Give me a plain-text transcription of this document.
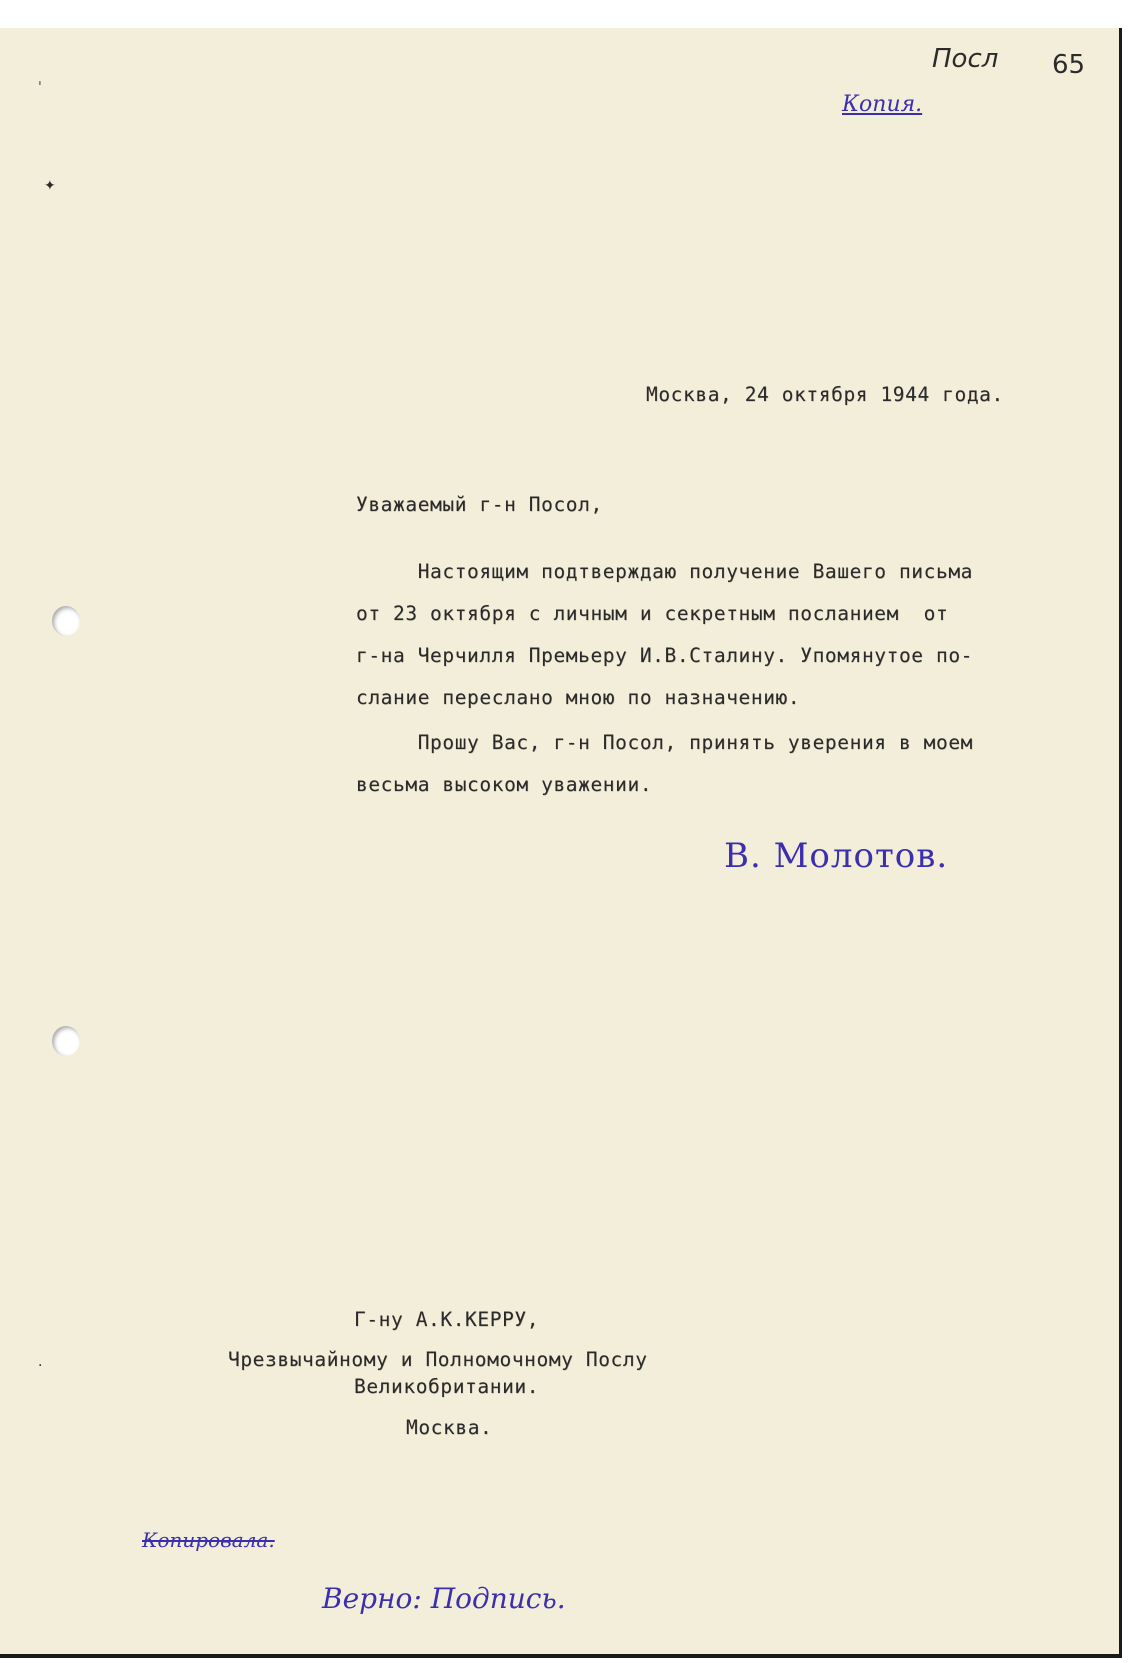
ˈ
✦
·
Копия.
Посл 65
Москва, 24 октября 1944 года.
Уважаемый г-н Посол,
Настоящим подтверждаю получение Вашего письма
от 23 октября с личным и секретным посланием  от
г-на Черчилля Премьеру И.В.Сталину. Упомянутое по-
слание переслано мною по назначению.
Прошу Вас, г-н Посол, принять уверения в моем
весьма высоком уважении.
В. Молотов.
Г-ну А.К.КЕРРУ,
Чрезвычайному и Полномочному Послу
Великобритании.
Москва.
Копировала.
Верно: Подпись.
